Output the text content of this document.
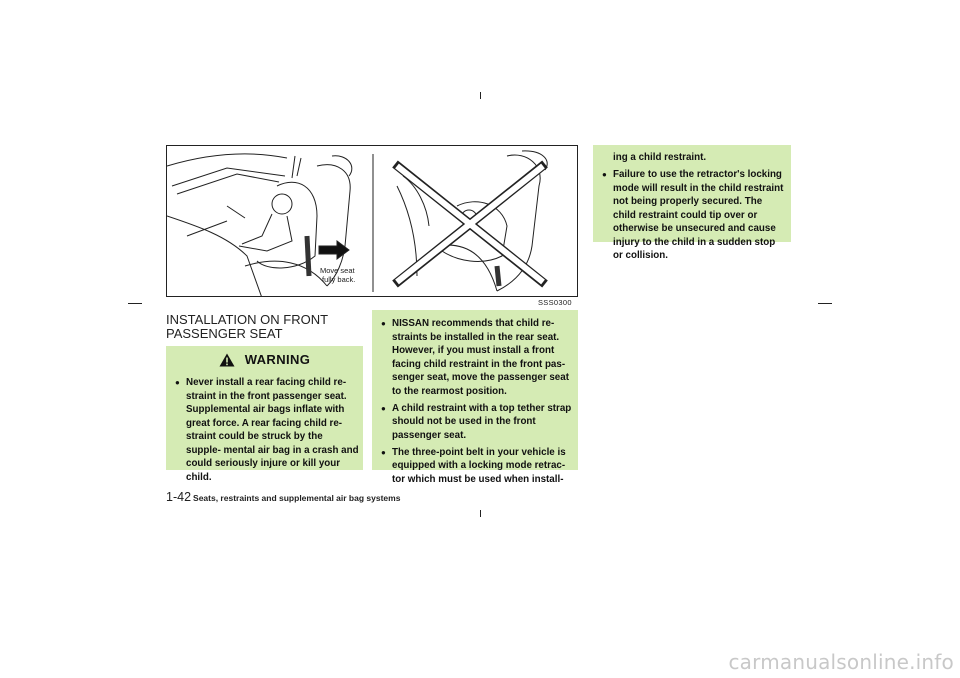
Move seat
fully back.
SSS0300
INSTALLATION ON FRONT PASSENGER SEAT
WARNING
● Never install a rear facing child re- straint in the front passenger seat. Supplemental air bags inflate with great force. A rear facing child re- straint could be struck by the supple- mental air bag in a crash and could seriously injure or kill your child.
● NISSAN recommends that child re- straints be installed in the rear seat. However, if you must install a front facing child restraint in the front pas- senger seat, move the passenger seat to the rearmost position.
● A child restraint with a top tether strap should not be used in the front passenger seat.
● The three-point belt in your vehicle is equipped with a locking mode retrac- tor which must be used when install-
ing a child restraint.
● Failure to use the retractor's locking mode will result in the child restraint not being properly secured. The child restraint could tip over or otherwise be unsecured and cause injury to the child in a sudden stop or collision.
1-42 Seats, restraints and supplemental air bag systems
carmanualsonline.info
